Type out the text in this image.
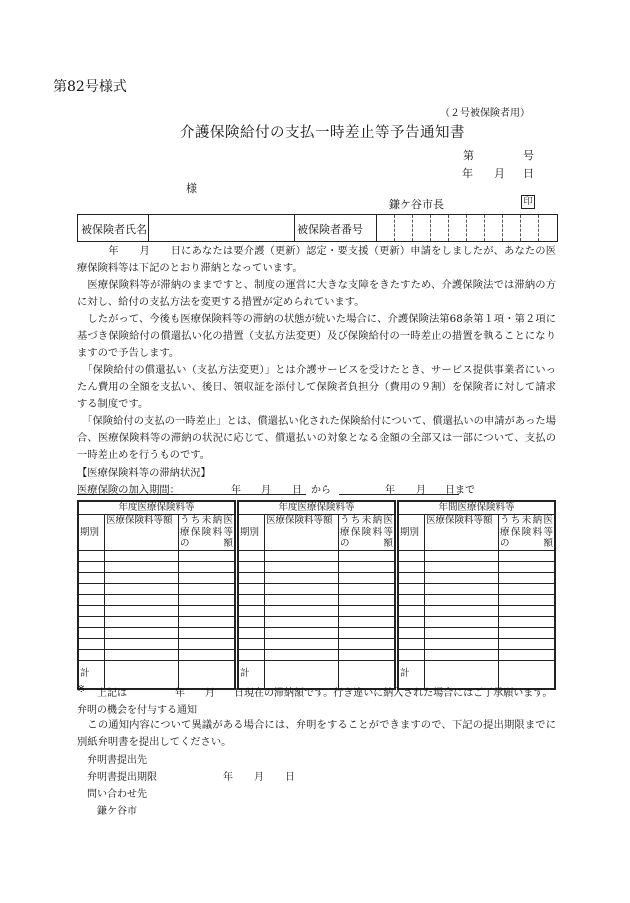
第82号様式
（２号被保険者用）
介護保険給付の支払一時差止等予告通知書
第	号
年 月 日
様
鎌ケ谷市長	印
被保険者氏名	被保険者番号
　　　年　　月　　日にあなたは要介護（更新）認定・要支援（更新）申請をしましたが、あなたの医療保険料等は下記のとおり滞納となっています。
　医療保険料等が滞納のままですと、制度の運営に大きな支障をきたすため、介護保険法では滞納の方に対し、給付の支払方法を変更する措置が定められています。
　したがって、今後も医療保険料等の滞納の状態が続いた場合に、介護保険法第68条第１項・第２項に基づき保険給付の償還払い化の措置（支払方法変更）及び保険給付の一時差止の措置を執ることになりますので予告します。
　「保険給付の償還払い（支払方法変更）」とは介護サービスを受けたとき、サービス提供事業者にいったん費用の全額を支払い、後日、領収証を添付して保険者負担分（費用の９割）を保険者に対して請求する制度です。
　「保険給付の支払の一時差止」とは、償還払い化された保険給付について、償還払いの申請があった場合、医療保険料等の滞納の状況に応じて、償還払いの対象となる金額の全部又は一部について、支払の一時差止めを行うものです。
【医療保険料等の滞納状況】
医療保険の加入期間：	年 月 日 から	年 月 日まで
年度医療保険料等		
期別	医療保険料等額	うち未納医療保険料等の額

計		
年度医療保険料等		
期別	医療保険料等額	うち未納医療保険料等の額

計		
年間医療保険料等		
期別	医療保険料等額	うち未納医療保険料等の額

計		
※ 上記は	年 月 日現在の滞納額です。行き違いに納入された場合にはご了承願います。
弁明の機会を付与する通知
　この通知内容について異議がある場合には、弁明をすることができますので、下記の提出期限までに別紙弁明書を提出してください。
弁明書提出先
弁明書提出期限	年 月 日
問い合わせ先
鎌ケ谷市
